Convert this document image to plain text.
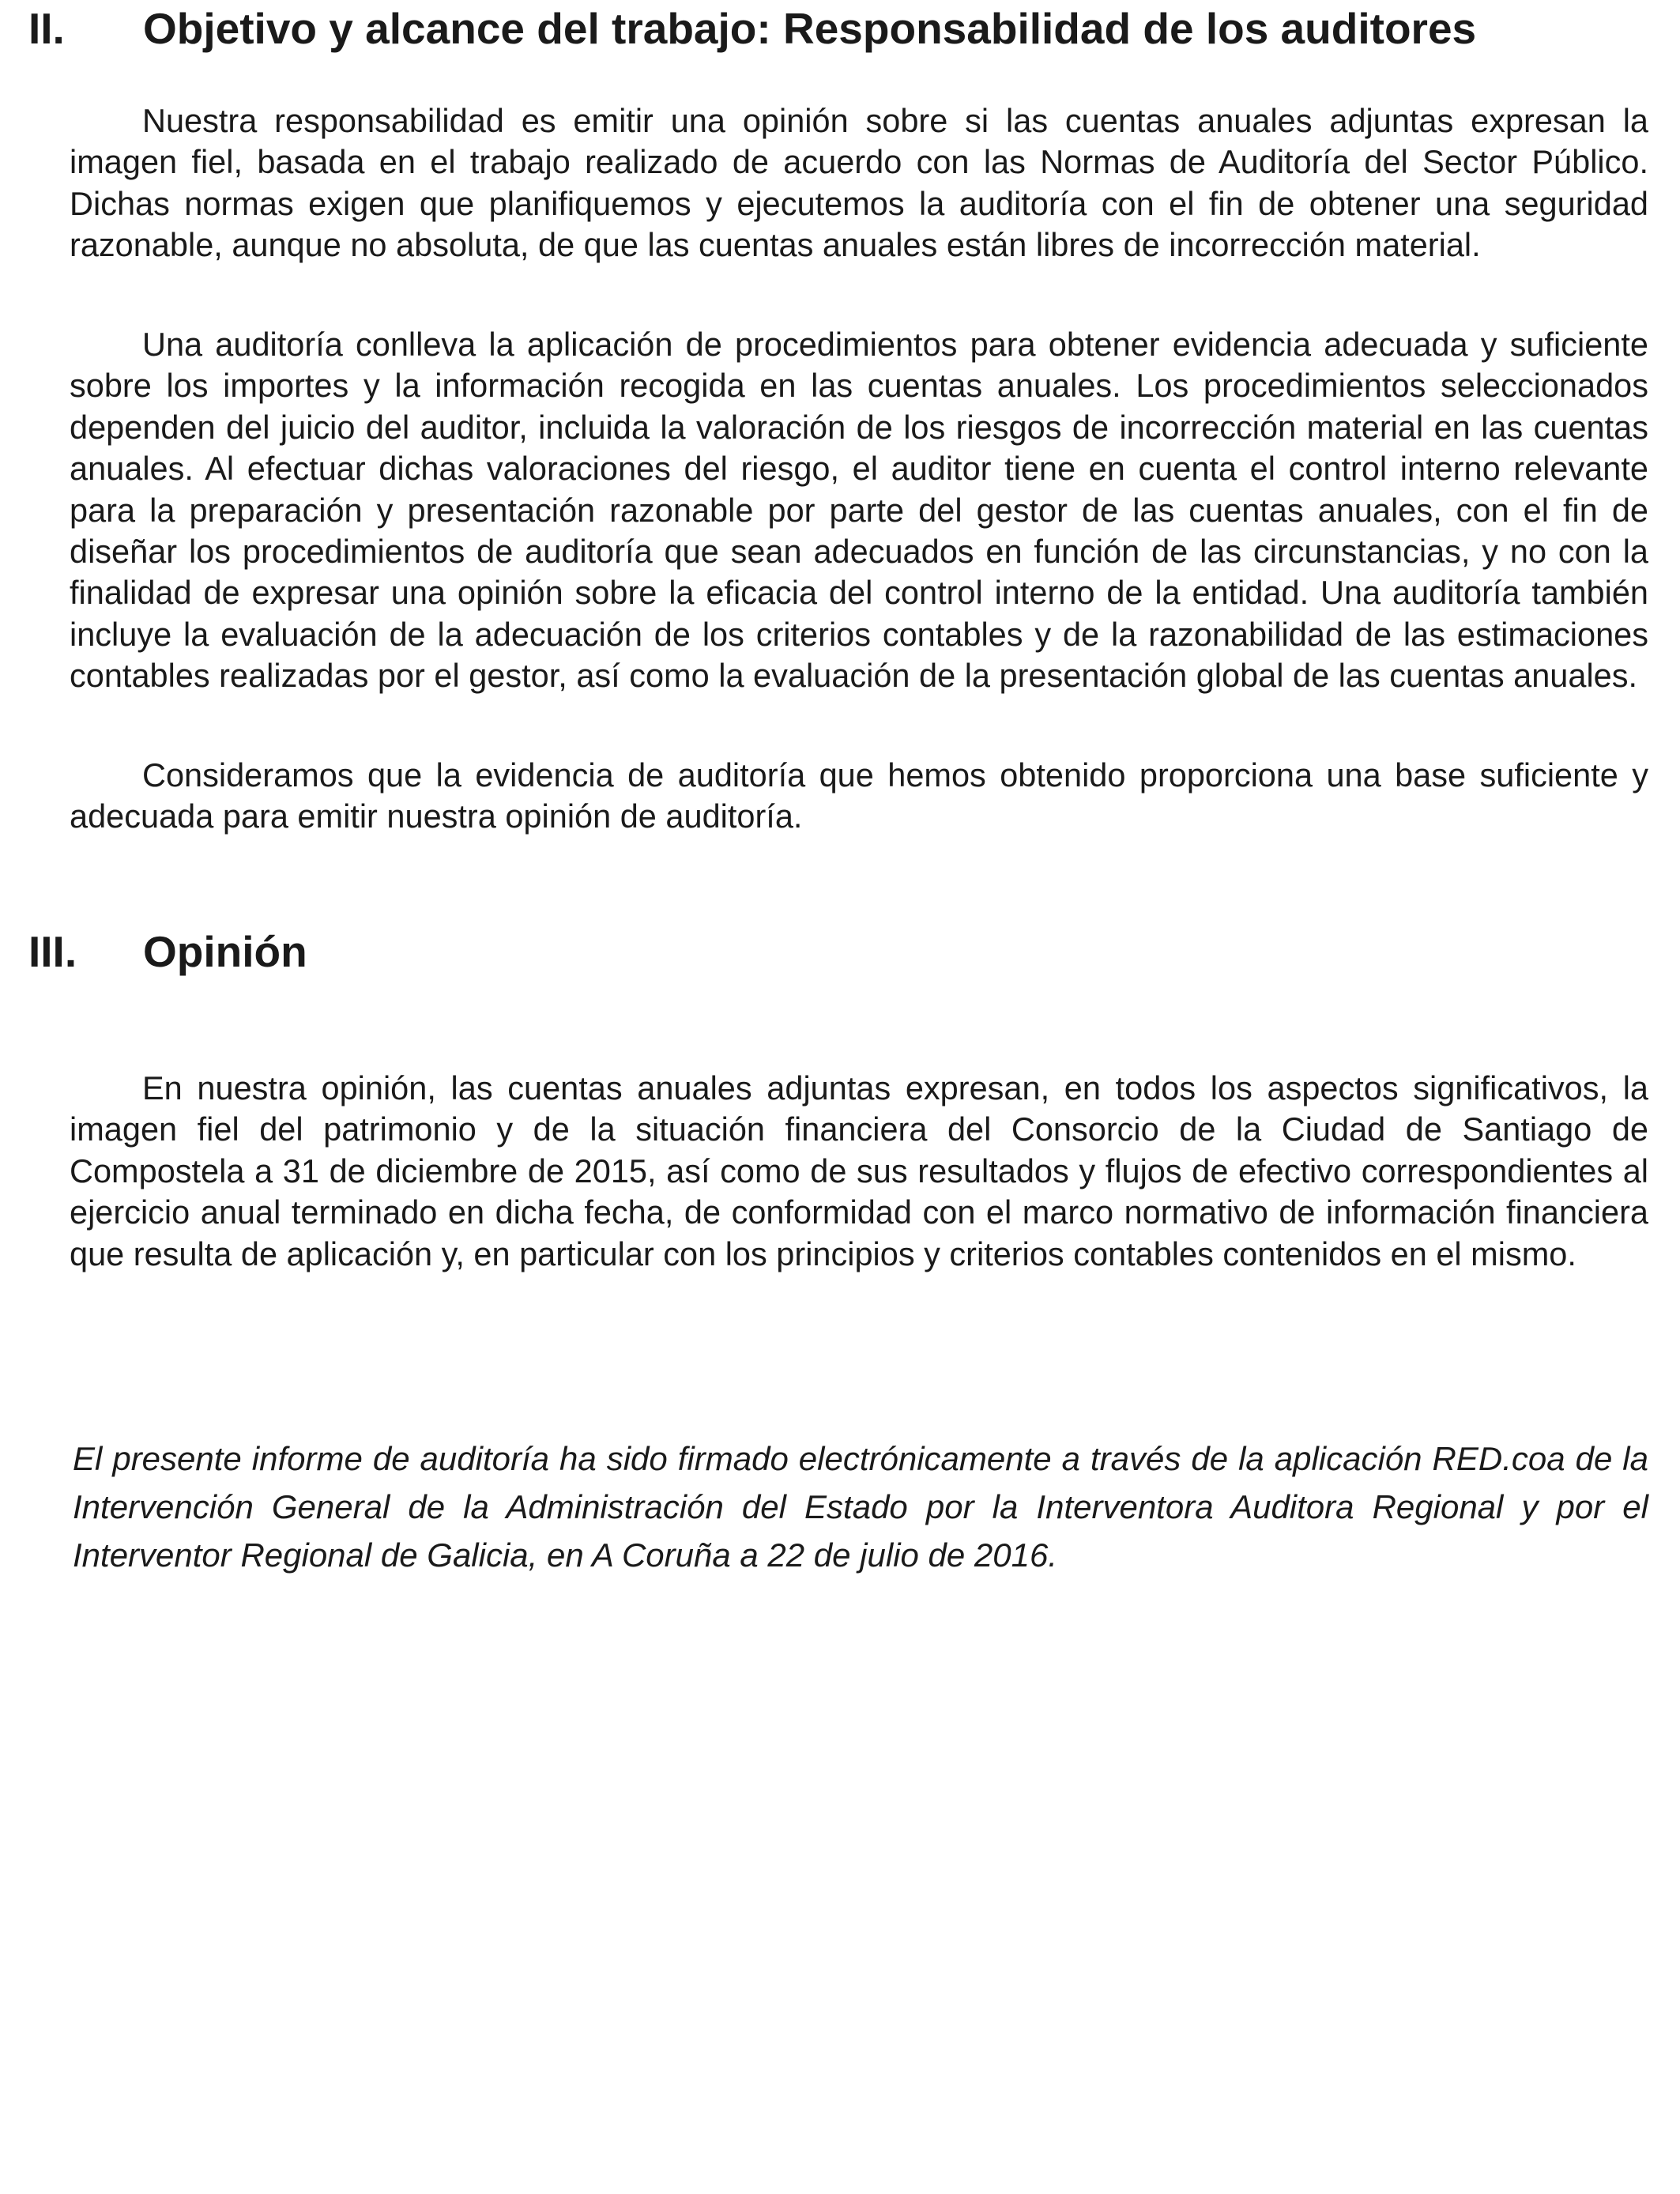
II. Objetivo y alcance del trabajo: Responsabilidad de los auditores

Nuestra responsabilidad es emitir una opinión sobre si las cuentas anuales adjuntas expresan la imagen fiel, basada en el trabajo realizado de acuerdo con las Normas de Auditoría del Sector Público. Dichas normas exigen que planifiquemos y ejecutemos la auditoría con el fin de obtener una seguridad razonable, aunque no absoluta, de que las cuentas anuales están libres de incorrección material.

Una auditoría conlleva la aplicación de procedimientos para obtener evidencia adecuada y suficiente sobre los importes y la información recogida en las cuentas anuales. Los procedimientos seleccionados dependen del juicio del auditor, incluida la valoración de los riesgos de incorrección material en las cuentas anuales. Al efectuar dichas valoraciones del riesgo, el auditor tiene en cuenta el control interno relevante para la preparación y presentación razonable por parte del gestor de las cuentas anuales, con el fin de diseñar los procedimientos de auditoría que sean adecuados en función de las circunstancias, y no con la finalidad de expresar una opinión sobre la eficacia del control interno de la entidad. Una auditoría también incluye la evaluación de la adecuación de los criterios contables y de la razonabilidad de las estimaciones contables realizadas por el gestor, así como la evaluación de la presentación global de las cuentas anuales.

Consideramos que la evidencia de auditoría que hemos obtenido proporciona una base suficiente y adecuada para emitir nuestra opinión de auditoría.

III. Opinión

En nuestra opinión, las cuentas anuales adjuntas expresan, en todos los aspectos significativos, la imagen fiel del patrimonio y de la situación financiera del Consorcio de la Ciudad de Santiago de Compostela a 31 de diciembre de 2015, así como de sus resultados y flujos de efectivo correspondientes al ejercicio anual terminado en dicha fecha, de conformidad con el marco normativo de información financiera que resulta de aplicación y, en particular con los principios y criterios contables contenidos en el mismo.

El presente informe de auditoría ha sido firmado electrónicamente a través de la aplicación RED.coa de la Intervención General de la Administración del Estado por la Interventora Auditora Regional y por el Interventor Regional de Galicia, en A Coruña a 22 de julio de 2016.
